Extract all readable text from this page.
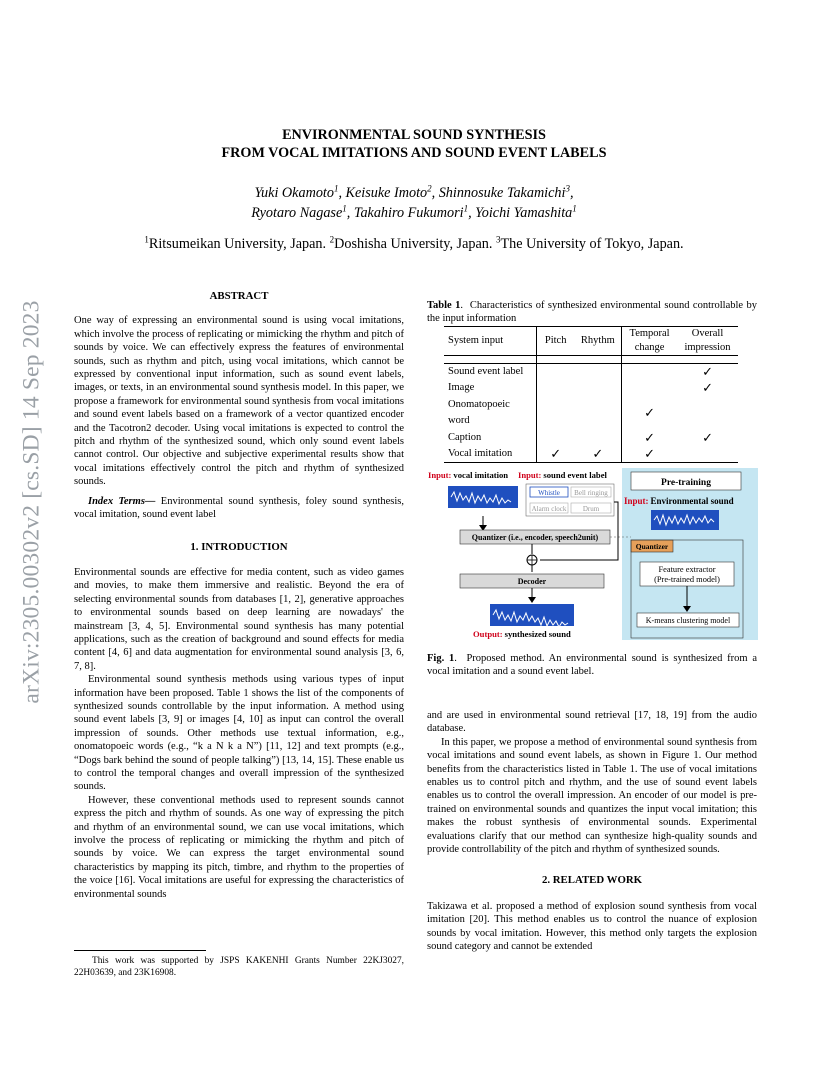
arXiv:2305.00302v2 [cs.SD] 14 Sep 2023
ENVIRONMENTAL SOUND SYNTHESIS
FROM VOCAL IMITATIONS AND SOUND EVENT LABELS
Yuki Okamoto$^1$, Keisuke Imoto$^2$, Shinnosuke Takamichi$^3$,
Ryotaro Nagase$^1$, Takahiro Fukumori$^1$, Yoichi Yamashita$^1$
$^1$Ritsumeikan University, Japan. $^2$Doshisha University, Japan. $^3$The University of Tokyo, Japan.
ABSTRACT

One way of expressing an environmental sound is using vocal imitations, which involve the process of replicating or mimicking the rhythm and pitch of sounds by voice. We can effectively express the features of environmental sounds, such as rhythm and pitch, using vocal imitations, which cannot be expressed by conventional input information, such as sound event labels, images, or texts, in an environmental sound synthesis model. In this paper, we propose a framework for environmental sound synthesis from vocal imitations and sound event labels based on a framework of a vector quantized encoder and the Tacotron2 decoder. Using vocal imitations is expected to control the pitch and rhythm of the synthesized sound, which only sound event labels cannot control. Our objective and subjective experimental results show that vocal imitations effectively control the pitch and rhythm of synthesized sounds.

Index Terms— Environmental sound synthesis, foley sound synthesis, vocal imitation, sound event label

1. INTRODUCTION

Environmental sounds are effective for media content, such as video games and movies, to make them immersive and realistic. Beyond the era of selecting environmental sounds from databases [1, 2], generative approaches to environmental sounds based on deep learning are nowadays' the mainstream [3, 4, 5]. Environmental sound synthesis has many potential applications, such as the creation of background and sound effects for media content [4, 6] and data augmentation for environmental sound analysis [3, 6, 7, 8].

Environmental sound synthesis methods using various types of input information have been proposed. Table 1 shows the list of the components of synthesized sounds controllable by the input information. A method using sound event labels [3, 9] or images [4, 10] as input can control the overall impression of sounds. Other methods use textual information, e.g., onomatopoeic words (e.g., “k a N k a N”) [11, 12] and text prompts (e.g., “Dogs bark behind the sound of people talking”) [13, 14, 15]. These enable us to control the temporal changes and overall impression of the synthesized sounds.

However, these conventional methods used to represent sounds cannot express the pitch and rhythm of sounds. As one way of expressing the pitch and rhythm of an environmental sound, we can use vocal imitations, which involve the process of replicating or mimicking the rhythm and pitch of sounds by voice. We can express the target environmental sound characteristics by mapping its pitch, timbre, and rhythm to the properties of the voice [16]. Vocal imitations are useful for expressing the characteristics of environmental sounds

This work was supported by JSPS KAKENHI Grants Number 22KJ3027, 22H03639, and 23K16908.
Table 1.  Characteristics of synthesized environmental sound controllable by the input information
System input	Pitch	Rhythm	Temporal change	Overall impression

Sound event label				✓
Image				✓
Onomatopoeic word			✓	
Caption			✓	✓
Vocal imitation	✓	✓	✓	
Pre-training
Input: Environmental sound
Quantizer
Feature extractor
(Pre-trained model)
K-means clustering model
Input: vocal imitation Input: sound event label
Whistle Bell ringing
Alarm clock Drum
Quantizer (i.e., encoder, speech2unit)
Decoder
Output: synthesized sound
Fig. 1.  Proposed method. An environmental sound is synthesized from a vocal imitation and a sound event label.

and are used in environmental sound retrieval [17, 18, 19] from the audio database.

In this paper, we propose a method of environmental sound synthesis from vocal imitations and sound event labels, as shown in Figure 1. Our method benefits from the characteristics listed in Table 1. The use of vocal imitations enables us to control pitch and rhythm, and the use of sound event labels enables us to control the overall impression. An encoder of our model is pre-trained on environmental sounds and quantizes the input vocal imitation; this makes the robust synthesis of environmental sounds. Experimental evaluations clarify that our method can synthesize high-quality sounds and provide controllability of the pitch and rhythm of synthesized sounds.

2. RELATED WORK

Takizawa et al. proposed a method of explosion sound synthesis from vocal imitation [20]. This method enables us to control the nuance of explosion sounds by vocal imitation. However, this method only targets the explosion sound category and cannot be extended
